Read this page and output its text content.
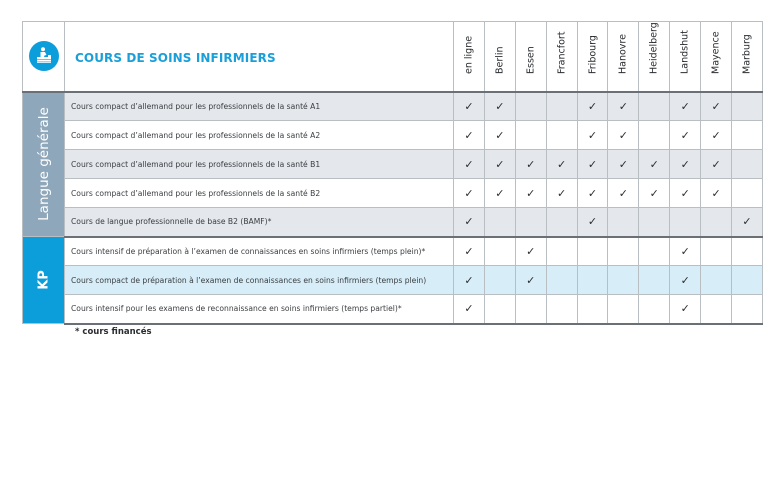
	COURS DE SOINS INFIRMIERS	en ligne	Berlin	Essen	Francfort	Fribourg	Hanovre	Heidelberg	Landshut	Mayence	Marburg

Langue générale	Cours compact d’allemand pour les professionnels de la santé A1	✓	✓			✓	✓		✓	✓	
	Cours compact d’allemand pour les professionnels de la santé A2	✓	✓			✓	✓		✓	✓	
	Cours compact d’allemand pour les professionnels de la santé B1	✓	✓	✓	✓	✓	✓	✓	✓	✓	
	Cours compact d’allemand pour les professionnels de la santé B2	✓	✓	✓	✓	✓	✓	✓	✓	✓	
	Cours de langue professionnelle de base B2 (BAMF)*	✓				✓					✓

KP	Cours intensif de préparation à l’examen de connaissances en soins infirmiers (temps plein)*	✓		✓					✓		
	Cours compact de préparation à l’examen de connaissances en soins infirmiers (temps plein)	✓		✓					✓		
	Cours intensif pour les examens de reconnaissance en soins infirmiers (temps partiel)*	✓							✓		
* cours financés
